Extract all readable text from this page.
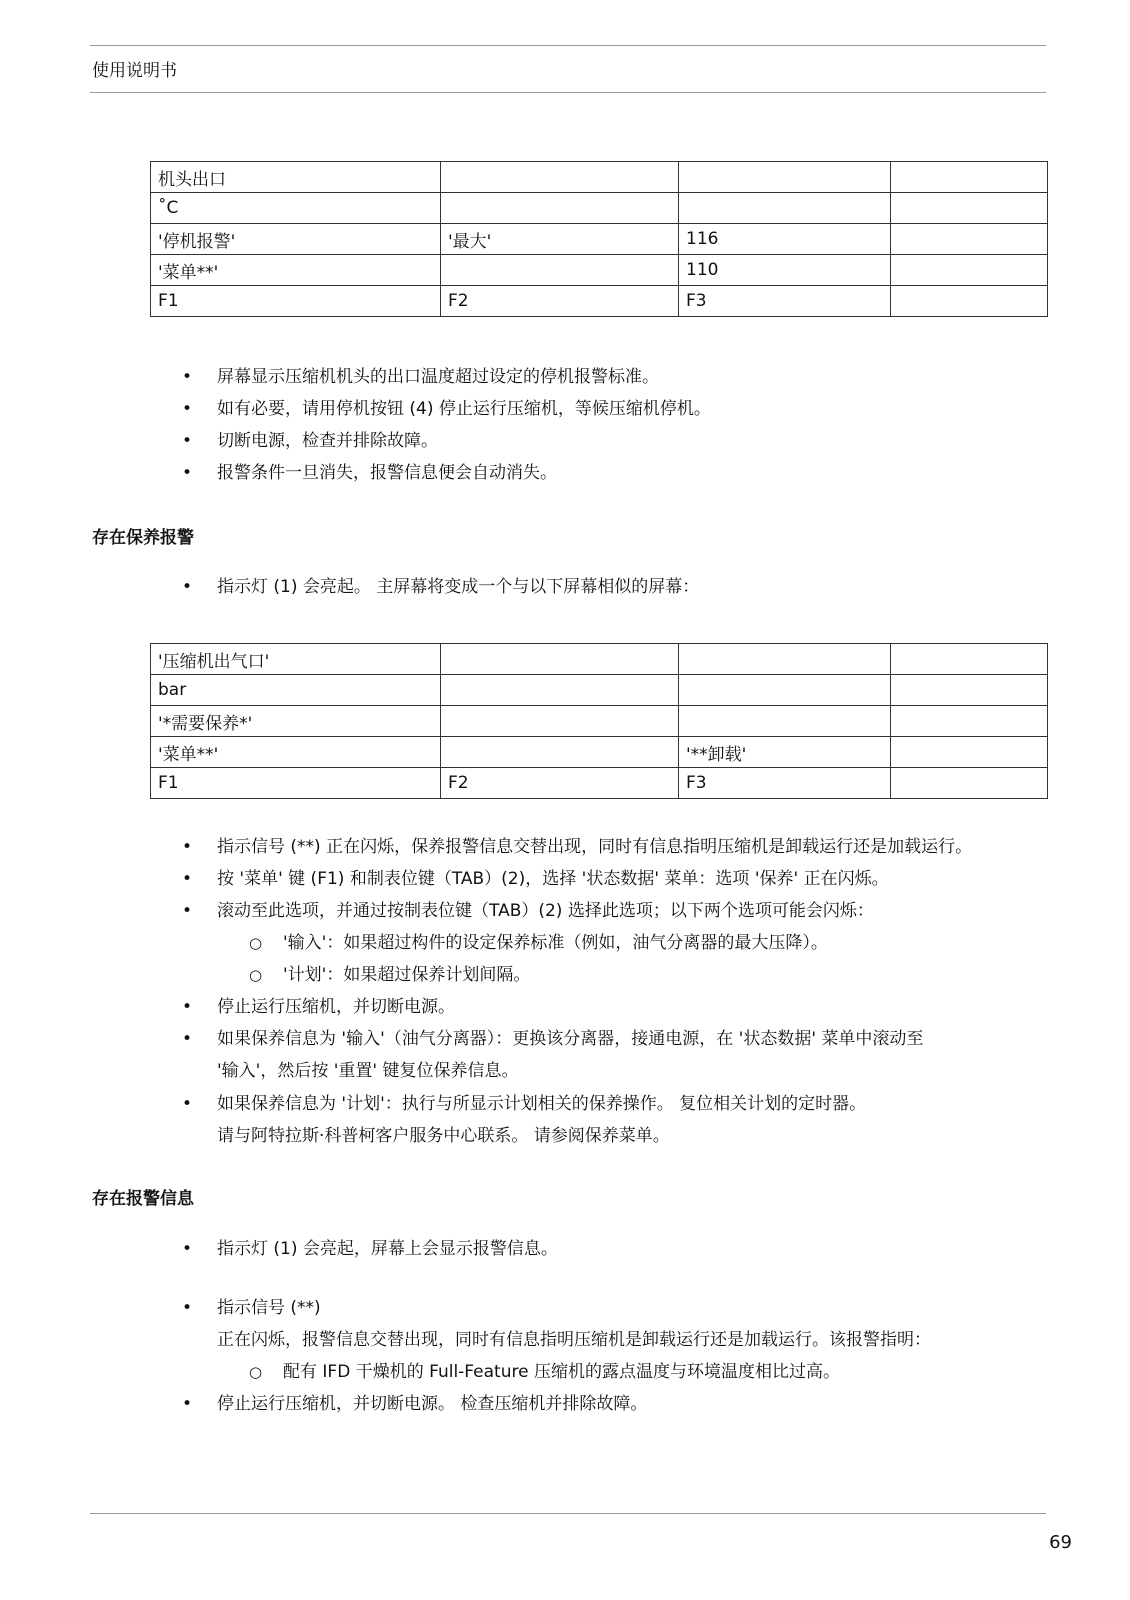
使用说明书
机头出口			
˚C			
'停机报警'	'最大'	116	
'菜单**'		110	
F1	F2	F3	
• 屏幕显示压缩机机头的出口温度超过设定的停机报警标准。
• 如有必要，请用停机按钮 (4) 停止运行压缩机，等候压缩机停机。
• 切断电源，检查并排除故障。
• 报警条件一旦消失，报警信息便会自动消失。
存在保养报警
• 指示灯 (1) 会亮起。 主屏幕将变成一个与以下屏幕相似的屏幕：
'压缩机出气口'			
bar			
'*需要保养*'			
'菜单**'		'**卸载'	
F1	F2	F3	
• 指示信号 (**) 正在闪烁，保养报警信息交替出现，同时有信息指明压缩机是卸载运行还是加载运行。
• 按 '菜单' 键 (F1) 和制表位键（TAB）(2)，选择 '状态数据' 菜单：选项 '保养' 正在闪烁。
• 滚动至此选项，并通过按制表位键（TAB）(2) 选择此选项；以下两个选项可能会闪烁：
○ '输入'：如果超过构件的设定保养标准（例如，油气分离器的最大压降）。
○ '计划'：如果超过保养计划间隔。
• 停止运行压缩机，并切断电源。
• 如果保养信息为 '输入'（油气分离器）：更换该分离器，接通电源，在 '状态数据' 菜单中滚动至
'输入'，然后按 '重置' 键复位保养信息。
• 如果保养信息为 '计划'：执行与所显示计划相关的保养操作。 复位相关计划的定时器。
请与阿特拉斯·科普柯客户服务中心联系。 请参阅保养菜单。
存在报警信息
• 指示灯 (1) 会亮起，屏幕上会显示报警信息。
• 指示信号 (**)
正在闪烁，报警信息交替出现，同时有信息指明压缩机是卸载运行还是加载运行。该报警指明：
○ 配有 IFD 干燥机的 Full-Feature 压缩机的露点温度与环境温度相比过高。
• 停止运行压缩机，并切断电源。 检查压缩机并排除故障。
69
